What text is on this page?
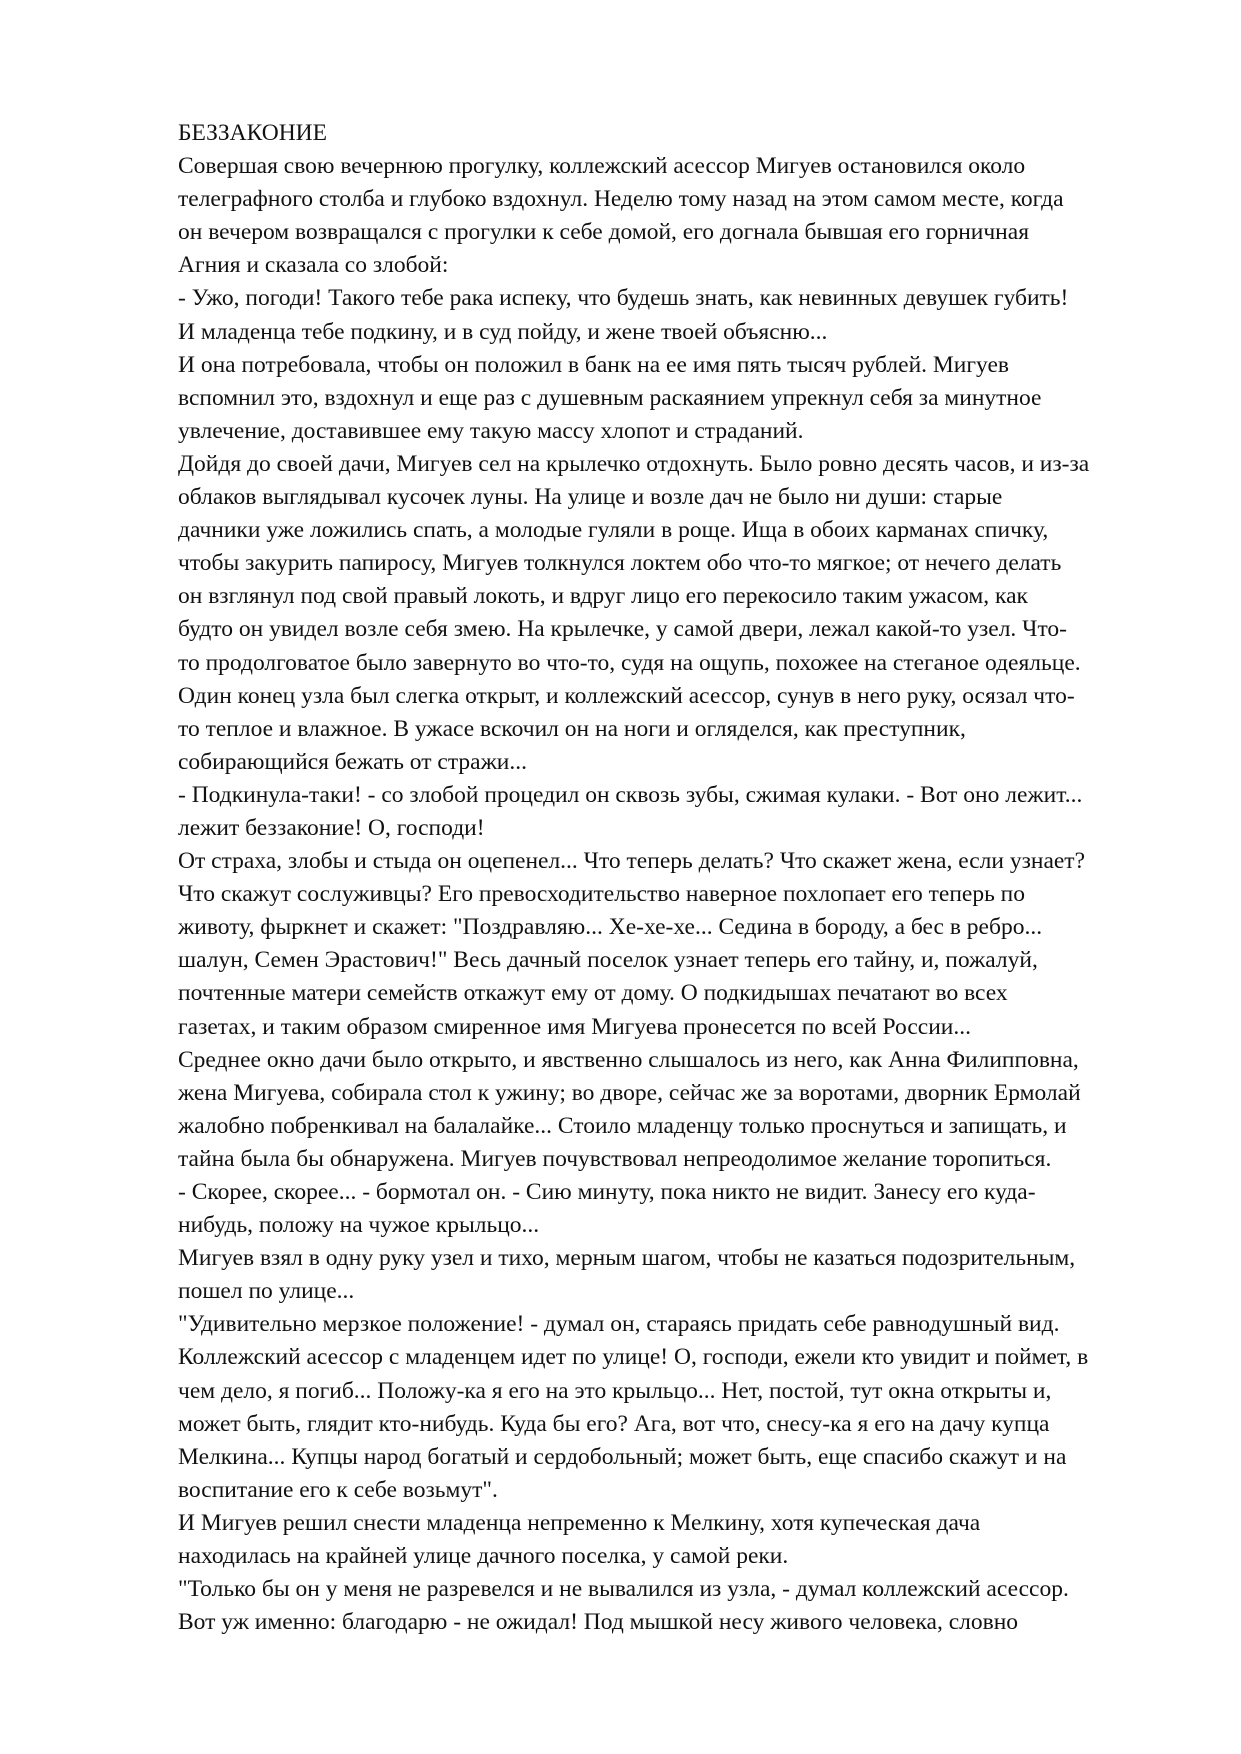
БЕЗЗАКОНИЕ
Совершая свою вечернюю прогулку, коллежский асессор Мигуев остановился около
телеграфного столба и глубоко вздохнул. Неделю тому назад на этом самом месте, когда
он вечером возвращался с прогулки к себе домой, его догнала бывшая его горничная
Агния и сказала со злобой:
- Ужо, погоди! Такого тебе рака испеку, что будешь знать, как невинных девушек губить!
И младенца тебе подкину, и в суд пойду, и жене твоей объясню...
И она потребовала, чтобы он положил в банк на ее имя пять тысяч рублей. Мигуев
вспомнил это, вздохнул и еще раз с душевным раскаянием упрекнул себя за минутное
увлечение, доставившее ему такую массу хлопот и страданий.
Дойдя до своей дачи, Мигуев сел на крылечко отдохнуть. Было ровно десять часов, и из-за
облаков выглядывал кусочек луны. На улице и возле дач не было ни души: старые
дачники уже ложились спать, а молодые гуляли в роще. Ища в обоих карманах спичку,
чтобы закурить папиросу, Мигуев толкнулся локтем обо что-то мягкое; от нечего делать
он взглянул под свой правый локоть, и вдруг лицо его перекосило таким ужасом, как
будто он увидел возле себя змею. На крылечке, у самой двери, лежал какой-то узел. Что-
то продолговатое было завернуто во что-то, судя на ощупь, похожее на стеганое одеяльце.
Один конец узла был слегка открыт, и коллежский асессор, сунув в него руку, осязал что-
то теплое и влажное. В ужасе вскочил он на ноги и огляделся, как преступник,
собирающийся бежать от стражи...
- Подкинула-таки! - со злобой процедил он сквозь зубы, сжимая кулаки. - Вот оно лежит...
лежит беззаконие! О, господи!
От страха, злобы и стыда он оцепенел... Что теперь делать? Что скажет жена, если узнает?
Что скажут сослуживцы? Его превосходительство наверное похлопает его теперь по
животу, фыркнет и скажет: "Поздравляю... Хе-хе-хе... Седина в бороду, а бес в ребро...
шалун, Семен Эрастович!" Весь дачный поселок узнает теперь его тайну, и, пожалуй,
почтенные матери семейств откажут ему от дому. О подкидышах печатают во всех
газетах, и таким образом смиренное имя Мигуева пронесется по всей России...
Среднее окно дачи было открыто, и явственно слышалось из него, как Анна Филипповна,
жена Мигуева, собирала стол к ужину; во дворе, сейчас же за воротами, дворник Ермолай
жалобно побренкивал на балалайке... Стоило младенцу только проснуться и запищать, и
тайна была бы обнаружена. Мигуев почувствовал непреодолимое желание торопиться.
- Скорее, скорее... - бормотал он. - Сию минуту, пока никто не видит. Занесу его куда-
нибудь, положу на чужое крыльцо...
Мигуев взял в одну руку узел и тихо, мерным шагом, чтобы не казаться подозрительным,
пошел по улице...
"Удивительно мерзкое положение! - думал он, стараясь придать себе равнодушный вид.
Коллежский асессор с младенцем идет по улице! О, господи, ежели кто увидит и поймет, в
чем дело, я погиб... Положу-ка я его на это крыльцо... Нет, постой, тут окна открыты и,
может быть, глядит кто-нибудь. Куда бы его? Ага, вот что, снесу-ка я его на дачу купца
Мелкина... Купцы народ богатый и сердобольный; может быть, еще спасибо скажут и на
воспитание его к себе возьмут".
И Мигуев решил снести младенца непременно к Мелкину, хотя купеческая дача
находилась на крайней улице дачного поселка, у самой реки.
"Только бы он у меня не разревелся и не вывалился из узла, - думал коллежский асессор.
Вот уж именно: благодарю - не ожидал! Под мышкой несу живого человека, словно
